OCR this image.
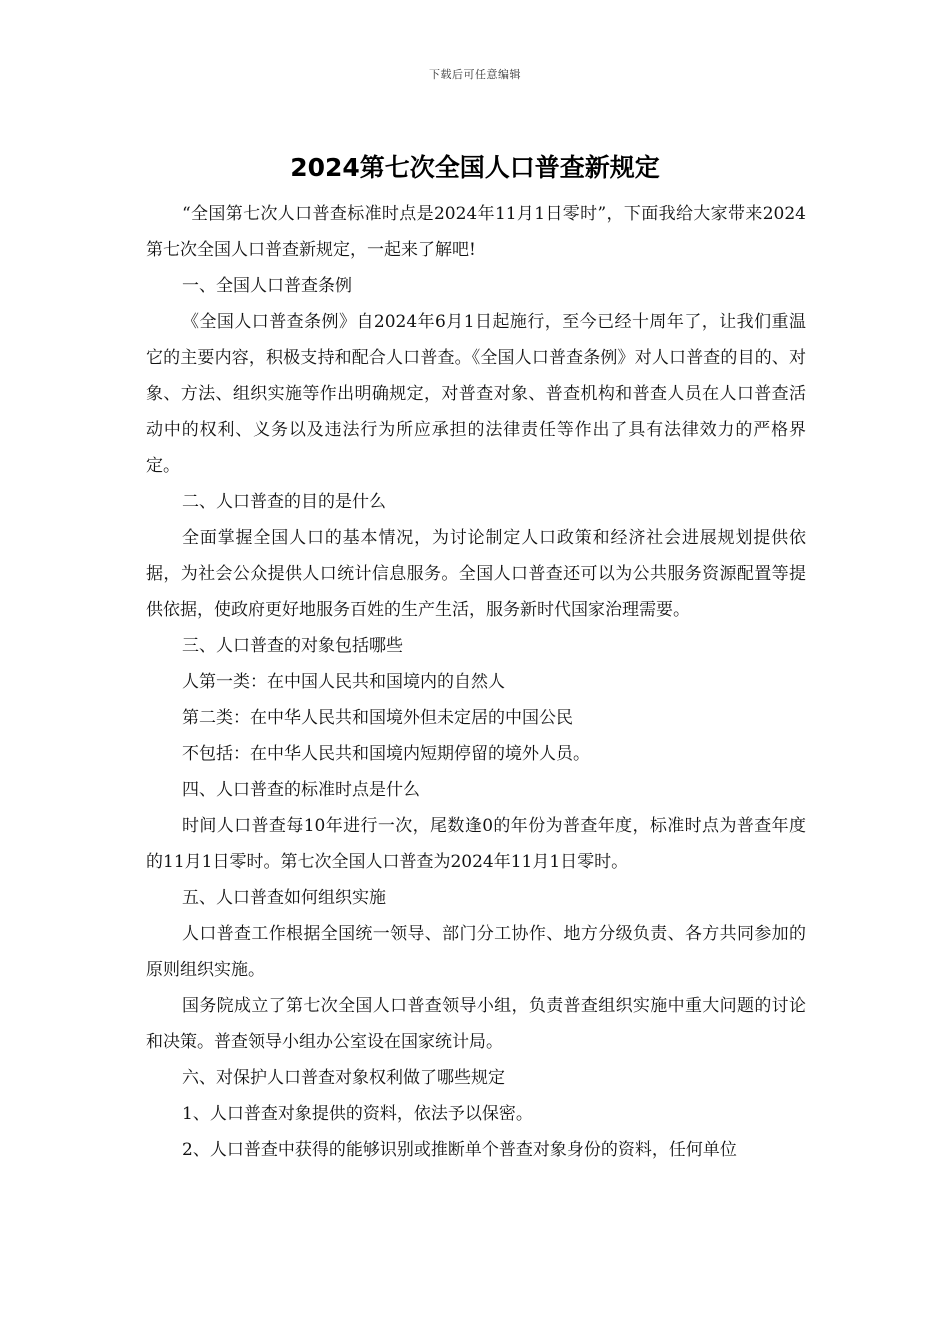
下载后可任意编辑
2024第七次全国人口普查新规定

“全国第七次人口普查标准时点是2024年11月1日零时”，下面我给大家带来2024第七次全国人口普查新规定，一起来了解吧!

一、全国人口普查条例

《全国人口普查条例》自2024年6月1日起施行，至今已经十周年了，让我们重温它的主要内容，积极支持和配合人口普查。《全国人口普查条例》对人口普查的目的、对象、方法、组织实施等作出明确规定，对普查对象、普查机构和普查人员在人口普查活动中的权利、义务以及违法行为所应承担的法律责任等作出了具有法律效力的严格界定。

二、人口普查的目的是什么

全面掌握全国人口的基本情况，为讨论制定人口政策和经济社会进展规划提供依据，为社会公众提供人口统计信息服务。全国人口普查还可以为公共服务资源配置等提供依据，使政府更好地服务百姓的生产生活，服务新时代国家治理需要。

三、人口普查的对象包括哪些

人第一类：在中国人民共和国境内的自然人

第二类：在中华人民共和国境外但未定居的中国公民

不包括：在中华人民共和国境内短期停留的境外人员。

四、人口普查的标准时点是什么

时间人口普查每10年进行一次，尾数逢0的年份为普查年度，标准时点为普查年度的11月1日零时。第七次全国人口普查为2024年11月1日零时。

五、人口普查如何组织实施

人口普查工作根据全国统一领导、部门分工协作、地方分级负责、各方共同参加的原则组织实施。

国务院成立了第七次全国人口普查领导小组，负责普查组织实施中重大问题的讨论和决策。普查领导小组办公室设在国家统计局。

六、对保护人口普查对象权利做了哪些规定

1、人口普查对象提供的资料，依法予以保密。

2、人口普查中获得的能够识别或推断单个普查对象身份的资料，任何单位
